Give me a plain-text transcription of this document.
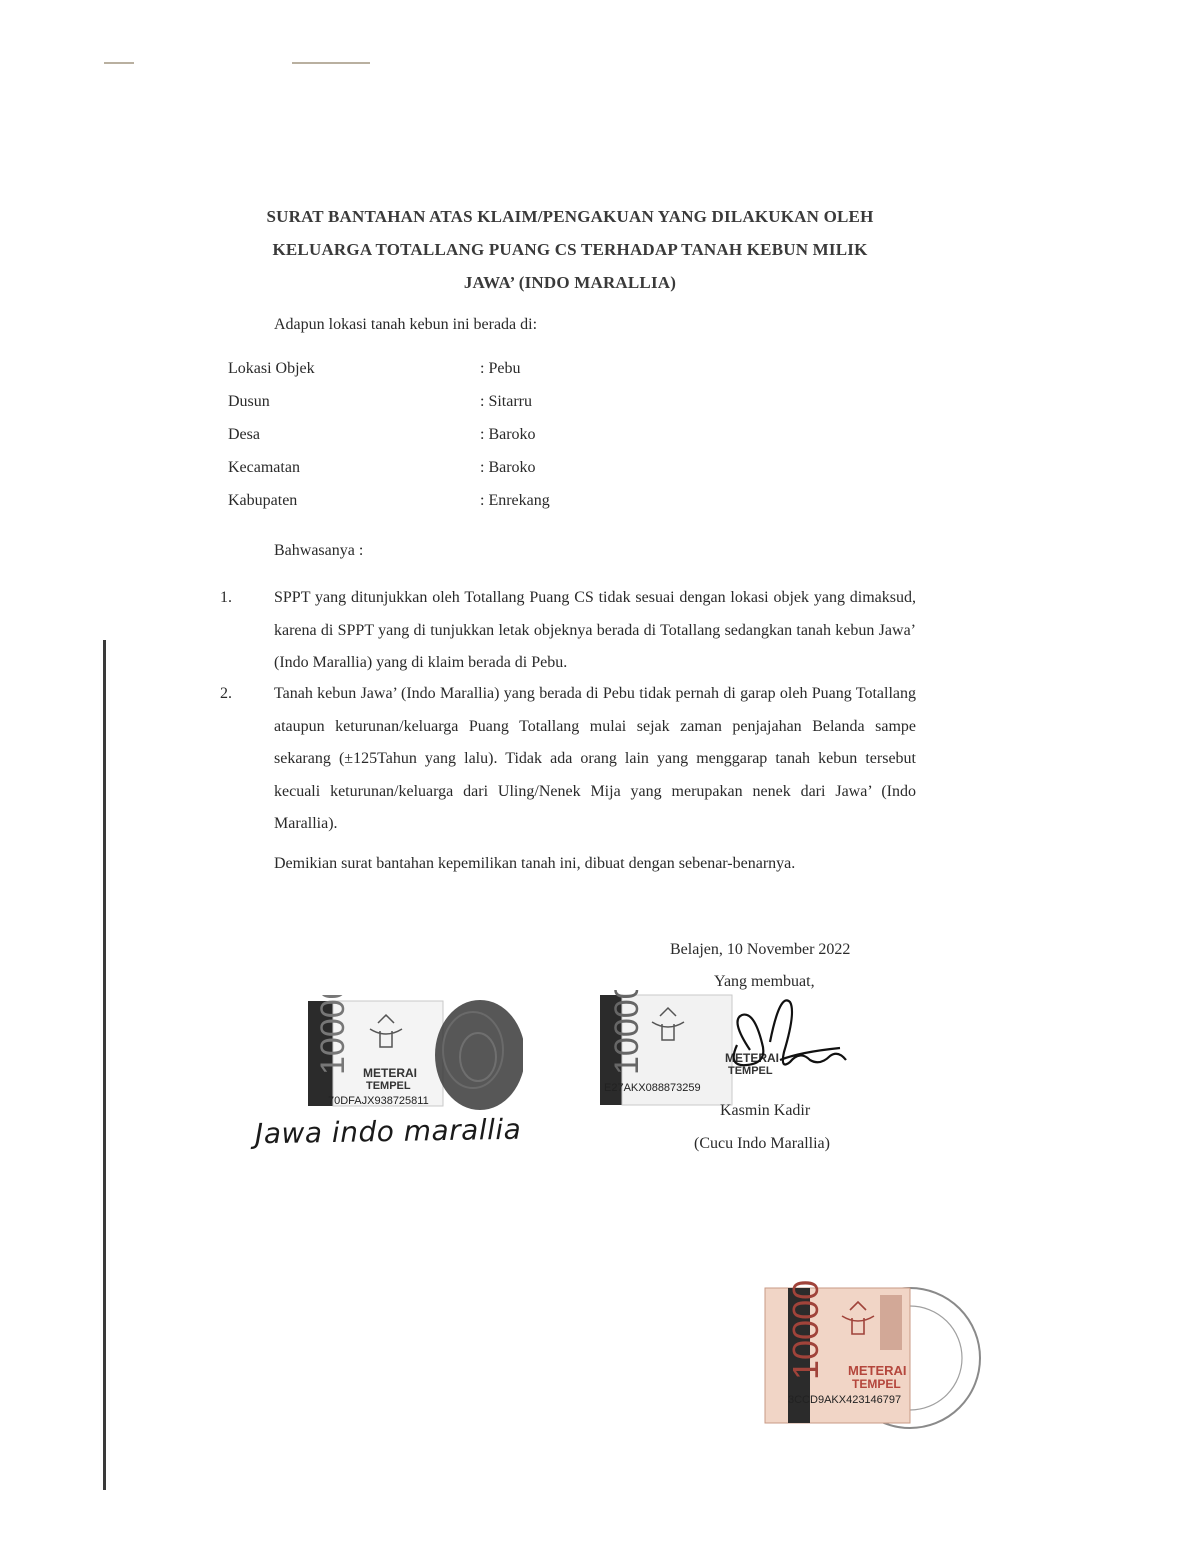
SURAT BANTAHAN ATAS KLAIM/PENGAKUAN YANG DILAKUKAN OLEH
KELUARGA TOTALLANG PUANG CS TERHADAP TANAH KEBUN MILIK
JAWA’ (INDO MARALLIA)
Adapun lokasi tanah kebun ini berada di:
Lokasi Objek	: Pebu
Dusun	: Sitarru
Desa	: Baroko
Kecamatan	: Baroko
Kabupaten	: Enrekang
Bahwasanya :
1.	SPPT yang ditunjukkan oleh Totallang Puang CS tidak sesuai dengan lokasi objek yang dimaksud, karena di SPPT yang di tunjukkan letak objeknya berada di Totallang sedangkan tanah kebun Jawa’ (Indo Marallia) yang di klaim berada di Pebu.
2.	Tanah kebun Jawa’ (Indo Marallia) yang berada di Pebu tidak pernah di garap oleh Puang Totallang ataupun keturunan/keluarga Puang Totallang mulai sejak zaman penjajahan Belanda sampe sekarang (±125Tahun yang lalu). Tidak ada orang lain yang menggarap tanah kebun tersebut kecuali keturunan/keluarga dari Uling/Nenek Mija yang merupakan nenek dari Jawa’ (Indo Marallia).
Demikian surat bantahan kepemilikan tanah ini, dibuat dengan sebenar-benarnya.
Belajen, 10 November 2022
Yang membuat,
10000 METERAI
TEMPEL
70DFAJX938725811
Jawa indo marallia
10000	METERAI
TEMPEL
E27AKX088873259
Kasmin Kadir
(Cucu Indo Marallia)
10000 METERAI
TEMPEL
3CCD9AKX423146797
